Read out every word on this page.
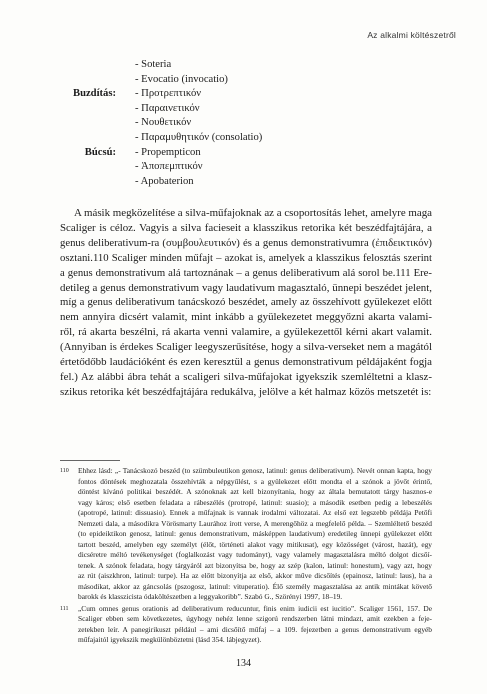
Az alkalmi költészetről
- Soteria
- Evocatio (invocatio)
Buzdítás: - Προτρεπτικόν
- Παραινετικόν
- Νουθετικόν
- Παραμυθητικόν (consolatio)
Búcsú: - Propempticon
- Ἀποπεμπτικόν
- Apobaterion
A másik megközelítése a silva-műfajoknak az a csoportosítás lehet, amelyre maga
Scaliger is céloz. Vagyis a silva facieseit a klasszikus retorika két beszédfajtájára, a
genus deliberativum-ra (συμβουλευτικόν) és a genus demonstrativumra (ἐπιδεικτικόν)
osztani.110 Scaliger minden műfajt – azokat is, amelyek a klasszikus felosztás szerint
a genus demonstrativum alá tartoznának – a genus deliberativum alá sorol be.111 Ere-
detileg a genus demonstrativum vagy laudativum magasztaló, ünnepi beszédet jelent,
míg a genus deliberativum tanácskozó beszédet, amely az összehívott gyülekezet előtt
nem annyira dicsért valamit, mint inkább a gyülekezetet meggyőzni akarta valami-
ről, rá akarta beszélni, rá akarta venni valamire, a gyülekezettől kérni akart valamit.
(Annyiban is érdekes Scaliger leegyszerűsítése, hogy a silva-verseket nem a magától
értetődőbb laudációként és ezen keresztül a genus demonstrativum példájaként fogja
fel.) Az alábbi ábra tehát a scaligeri silva-műfajokat igyekszik szemléltetni a klasz-
szikus retorika két beszédfajtájára redukálva, jelölve a két halmaz közös metszetét is:
110 Ehhez lásd: „- Tanácskozó beszéd (to szümbuleutikon genosz, latinul: genus deliberativum). Nevét onnan kapta, hogy
fontos döntések meghozatala összehívták a népgyűlést, s a gyülekezet előtt mondta el a szónok a jövőt érintő,
döntést kívánó politikai beszédét. A szónoknak azt kell bizonyítania, hogy az általa bemutatott tárgy hasznos-e
vagy káros; első esetben feladata a rábeszélés (protropé, latinul: suasio); a második esetben pedig a lebeszélés
(apotropé, latinul: dissuasio). Ennek a műfajnak is vannak irodalmi változatai. Az első ezt legszebb példája Petőfi
Nemzeti dala, a másodikra Vörösmarty Laurához írott verse, A merengőhöz a megfelelő példa. – Szemléltető beszéd
(to epideiktikon genosz, latinul: genus demonstrativum, másképpen laudativum) eredetileg ünnepi gyülekezet előtt
tartott beszéd, amelyben egy személyt (élőt, történeti alakot vagy mitikusat), egy közösséget (várost, hazát), egy
dicséretre méltó tevékenységet (foglalkozást vagy tudományt), vagy valamely magasztalásra méltó dolgot dicsőí-
tenek. A szónok feladata, hogy tárgyáról azt bizonyítsa be, hogy az szép (kalon, latinul: honestum), vagy azt, hogy
az rút (aiszkhron, latinul: turpe). Ha az előtt bizonyítja az első, akkor műve dicsőítés (epainosz, latinul: laus), ha a
másodikat, akkor az gáncsolás (pszogosz, latinul: vituperatio). Élő személy magasztalása az antik mintákat követő
barokk és klasszicista ódaköltészetben a leggyakoribb”. Szabó G., Szörényi 1997, 18–19.
111 „Cum omnes genus orationis ad deliberativum reducuntur, finis enim iudicii est iucitio”. Scaliger 1561, 157. De
Scaliger ebben sem következetes, úgyhogy nehéz lenne szigorú rendszerben látni mindazt, amit ezekben a feje-
zetekben leír. A panegirikuszt például – ami dicsőítő műfaj – a 109. fejezetben a genus demonstrativum egyéb
műfajaitól igyekszik megkülönböztetni (lásd 354. lábjegyzet).
134
